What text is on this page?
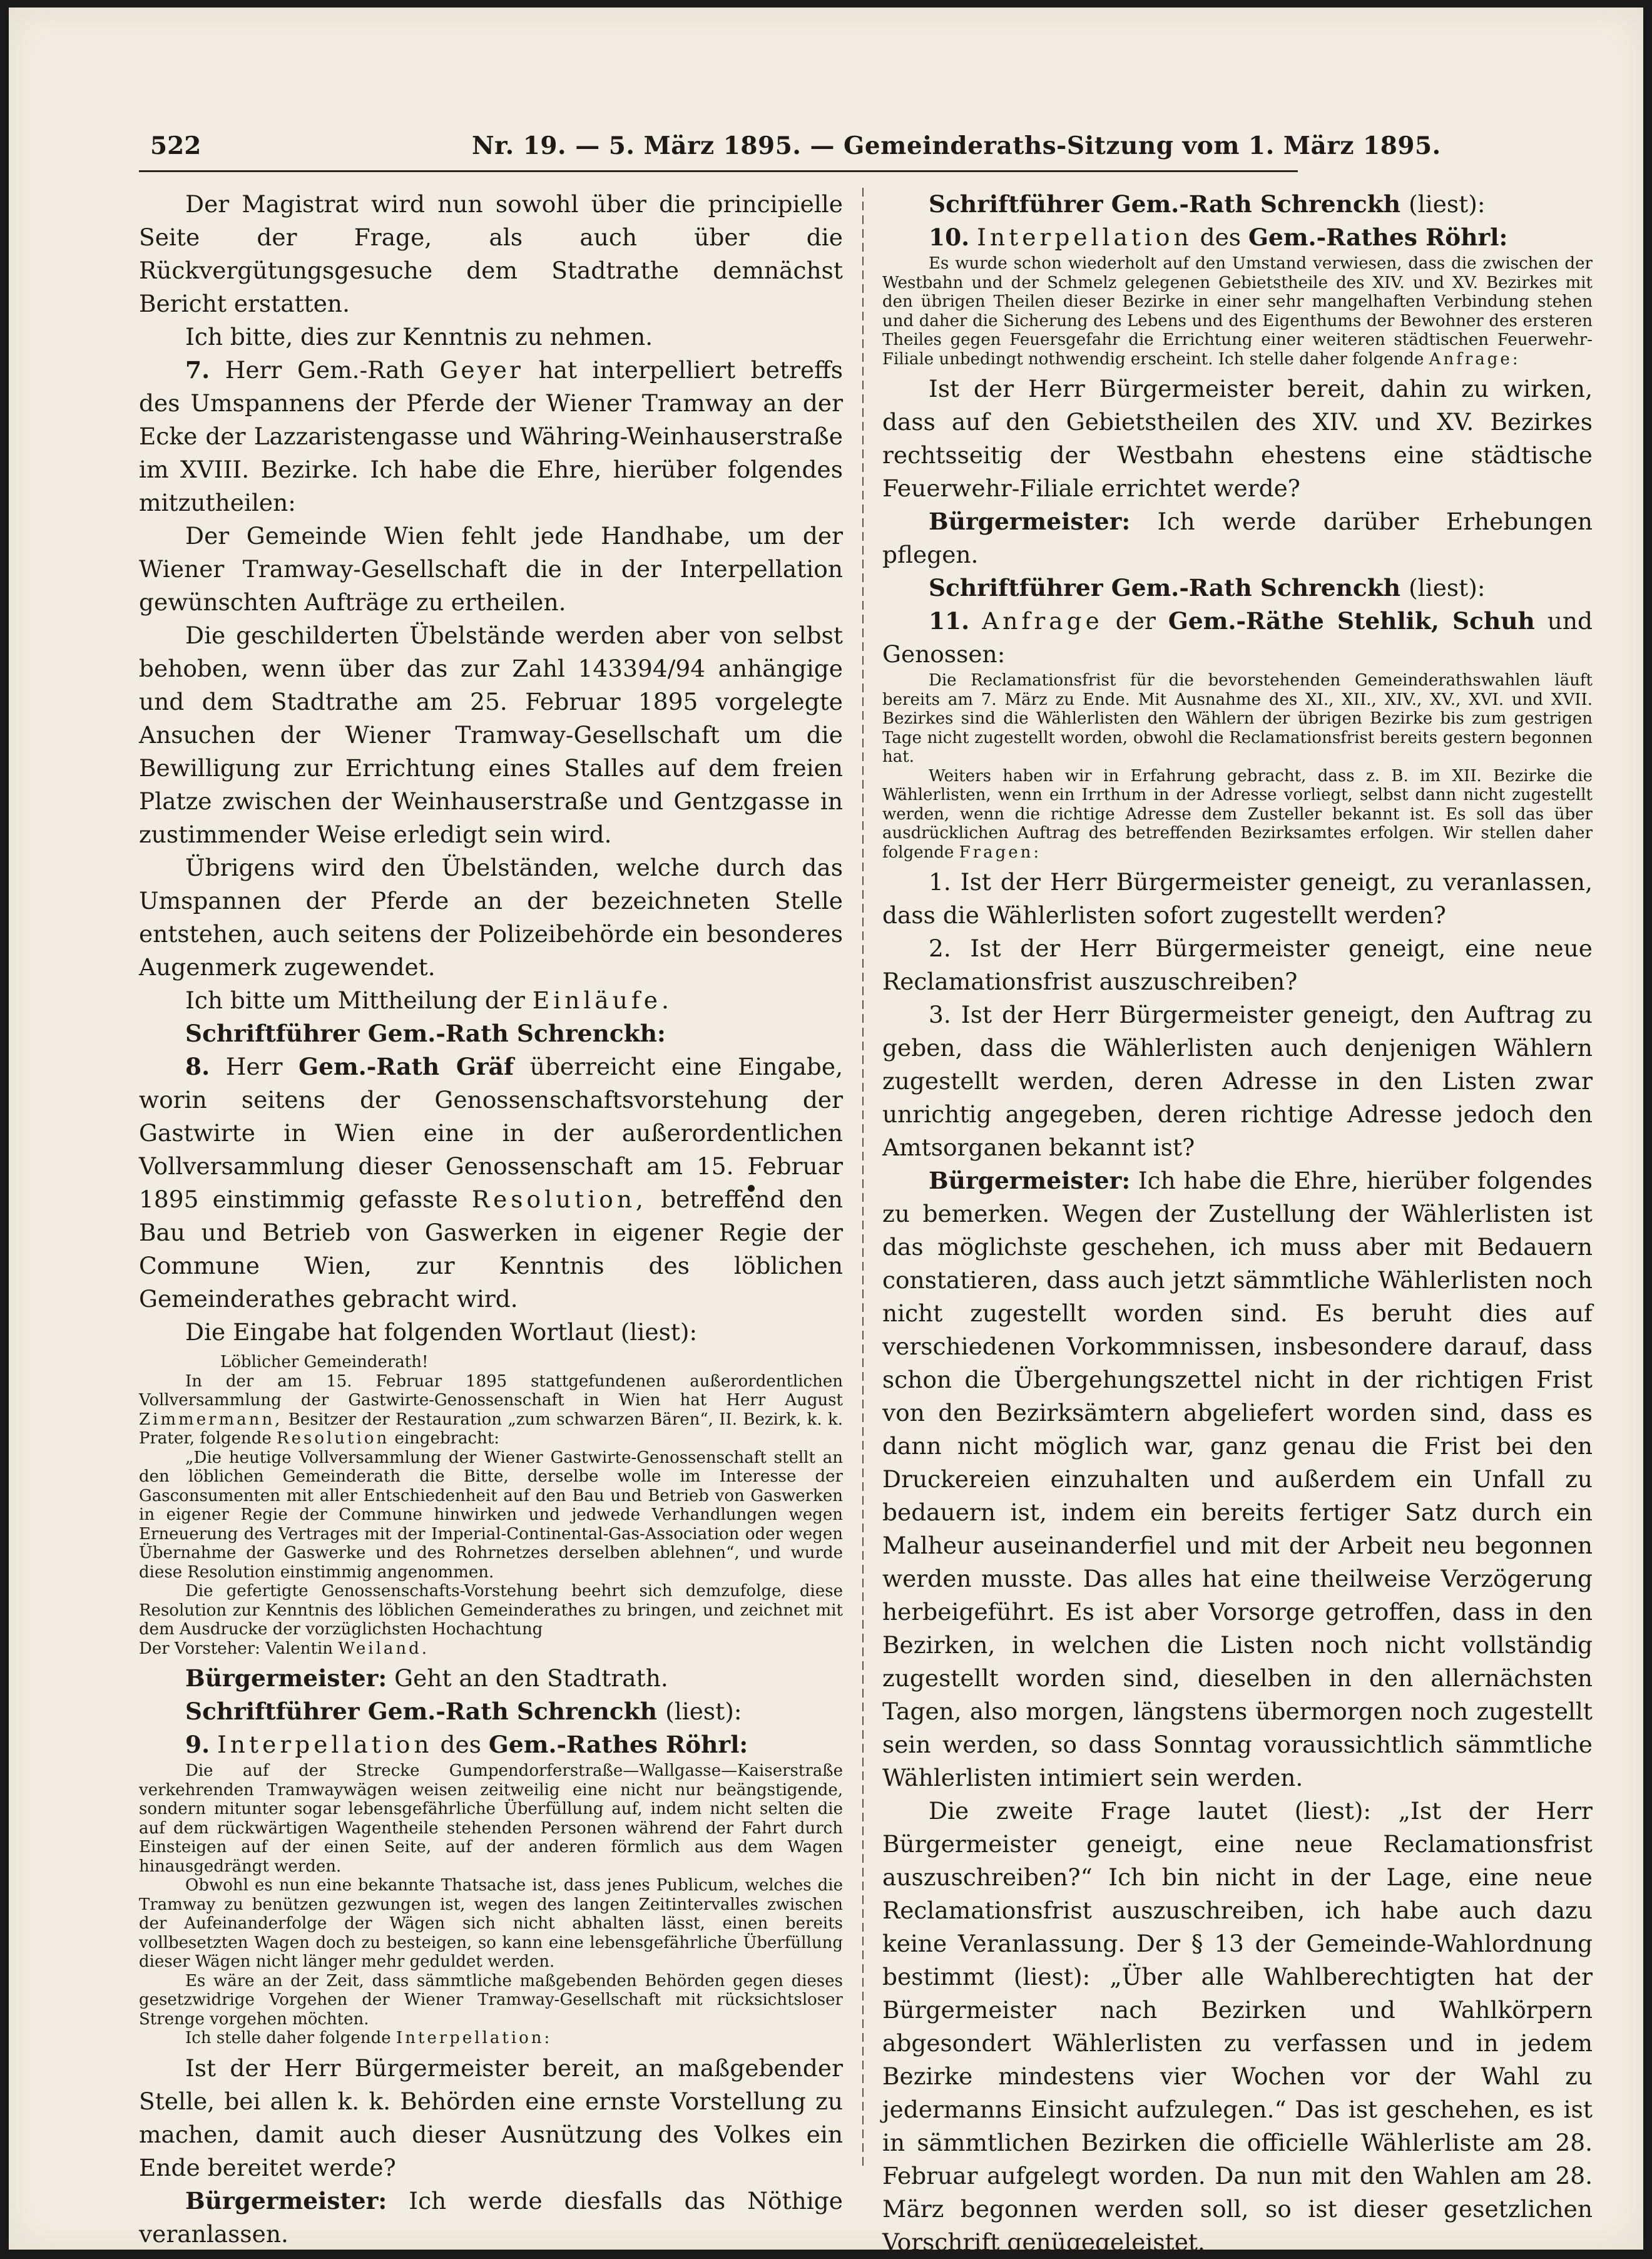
522	Nr. 19. — 5. März 1895. — Gemeinderaths-Sitzung vom 1. März 1895.

Der Magistrat wird nun sowohl über die principielle Seite der Frage, als auch über die Rückvergütungsgesuche dem Stadtrathe demnächst Bericht erstatten.

Ich bitte, dies zur Kenntnis zu nehmen.

7. Herr Gem.-Rath Geyer hat interpelliert betreffs des Umspannens der Pferde der Wiener Tramway an der Ecke der Lazzaristengasse und Währing-Weinhauserstraße im XVIII. Bezirke. Ich habe die Ehre, hierüber folgendes mitzutheilen:

Der Gemeinde Wien fehlt jede Handhabe, um der Wiener Tramway-Gesellschaft die in der Interpellation gewünschten Aufträge zu ertheilen.

Die geschilderten Übelstände werden aber von selbst behoben, wenn über das zur Zahl 143394/94 anhängige und dem Stadtrathe am 25. Februar 1895 vorgelegte Ansuchen der Wiener Tramway-Gesellschaft um die Bewilligung zur Errichtung eines Stalles auf dem freien Platze zwischen der Weinhauserstraße und Gentzgasse in zustimmender Weise erledigt sein wird.

Übrigens wird den Übelständen, welche durch das Umspannen der Pferde an der bezeichneten Stelle entstehen, auch seitens der Polizeibehörde ein besonderes Augenmerk zugewendet.

Ich bitte um Mittheilung der Einläufe.

Schriftführer Gem.-Rath Schrenckh:

8. Herr Gem.-Rath Gräf überreicht eine Eingabe, worin seitens der Genossenschaftsvorstehung der Gastwirte in Wien eine in der außerordentlichen Vollversammlung dieser Genossenschaft am 15. Februar 1895 einstimmig gefasste Resolution, betreffend den Bau und Betrieb von Gaswerken in eigener Regie der Commune Wien, zur Kenntnis des löblichen Gemeinderathes gebracht wird.

Die Eingabe hat folgenden Wortlaut (liest):

Löblicher Gemeinderath!

In der am 15. Februar 1895 stattgefundenen außerordentlichen Vollversammlung der Gastwirte-Genossenschaft in Wien hat Herr August Zimmermann, Besitzer der Restauration „zum schwarzen Bären“, II. Bezirk, k. k. Prater, folgende Resolution eingebracht:

„Die heutige Vollversammlung der Wiener Gastwirte-Genossenschaft stellt an den löblichen Gemeinderath die Bitte, derselbe wolle im Interesse der Gasconsumenten mit aller Entschiedenheit auf den Bau und Betrieb von Gaswerken in eigener Regie der Commune hinwirken und jedwede Verhandlungen wegen Erneuerung des Vertrages mit der Imperial-Continental-Gas-Association oder wegen Übernahme der Gaswerke und des Rohrnetzes derselben ablehnen“, und wurde diese Resolution einstimmig angenommen.

Die gefertigte Genossenschafts-Vorstehung beehrt sich demzufolge, diese Resolution zur Kenntnis des löblichen Gemeinderathes zu bringen, und zeichnet mit dem Ausdrucke der vorzüglichsten Hochachtung

Der Vorsteher: Valentin Weiland.

Bürgermeister: Geht an den Stadtrath.

Schriftführer Gem.-Rath Schrenckh (liest):

9. Interpellation des Gem.-Rathes Röhrl:

Die auf der Strecke Gumpendorferstraße—Wallgasse—Kaiserstraße verkehrenden Tramwaywägen weisen zeitweilig eine nicht nur beängstigende, sondern mitunter sogar lebensgefährliche Überfüllung auf, indem nicht selten die auf dem rückwärtigen Wagentheile stehenden Personen während der Fahrt durch Einsteigen auf der einen Seite, auf der anderen förmlich aus dem Wagen hinausgedrängt werden.

Obwohl es nun eine bekannte Thatsache ist, dass jenes Publicum, welches die Tramway zu benützen gezwungen ist, wegen des langen Zeitintervalles zwischen der Aufeinanderfolge der Wägen sich nicht abhalten lässt, einen bereits vollbesetzten Wagen doch zu besteigen, so kann eine lebensgefährliche Überfüllung dieser Wägen nicht länger mehr geduldet werden.

Es wäre an der Zeit, dass sämmtliche maßgebenden Behörden gegen dieses gesetzwidrige Vorgehen der Wiener Tramway-Gesellschaft mit rücksichtsloser Strenge vorgehen möchten.

Ich stelle daher folgende Interpellation:

Ist der Herr Bürgermeister bereit, an maßgebender Stelle, bei allen k. k. Behörden eine ernste Vorstellung zu machen, damit auch dieser Ausnützung des Volkes ein Ende bereitet werde?

Bürgermeister: Ich werde diesfalls das Nöthige veranlassen.

Schriftführer Gem.-Rath Schrenckh (liest):

10. Interpellation des Gem.-Rathes Röhrl:

Es wurde schon wiederholt auf den Umstand verwiesen, dass die zwischen der Westbahn und der Schmelz gelegenen Gebietstheile des XIV. und XV. Bezirkes mit den übrigen Theilen dieser Bezirke in einer sehr mangelhaften Verbindung stehen und daher die Sicherung des Lebens und des Eigenthums der Bewohner des ersteren Theiles gegen Feuersgefahr die Errichtung einer weiteren städtischen Feuerwehr-Filiale unbedingt nothwendig erscheint. Ich stelle daher folgende Anfrage:

Ist der Herr Bürgermeister bereit, dahin zu wirken, dass auf den Gebietstheilen des XIV. und XV. Bezirkes rechtsseitig der Westbahn ehestens eine städtische Feuerwehr-Filiale errichtet werde?

Bürgermeister: Ich werde darüber Erhebungen pflegen.

Schriftführer Gem.-Rath Schrenckh (liest):

11. Anfrage der Gem.-Räthe Stehlik, Schuh und Genossen:

Die Reclamationsfrist für die bevorstehenden Gemeinderathswahlen läuft bereits am 7. März zu Ende. Mit Ausnahme des XI., XII., XIV., XV., XVI. und XVII. Bezirkes sind die Wählerlisten den Wählern der übrigen Bezirke bis zum gestrigen Tage nicht zugestellt worden, obwohl die Reclamationsfrist bereits gestern begonnen hat.

Weiters haben wir in Erfahrung gebracht, dass z. B. im XII. Bezirke die Wählerlisten, wenn ein Irrthum in der Adresse vorliegt, selbst dann nicht zugestellt werden, wenn die richtige Adresse dem Zusteller bekannt ist. Es soll das über ausdrücklichen Auftrag des betreffenden Bezirksamtes erfolgen. Wir stellen daher folgende Fragen:

1. Ist der Herr Bürgermeister geneigt, zu veranlassen, dass die Wählerlisten sofort zugestellt werden?

2. Ist der Herr Bürgermeister geneigt, eine neue Reclamationsfrist auszuschreiben?

3. Ist der Herr Bürgermeister geneigt, den Auftrag zu geben, dass die Wählerlisten auch denjenigen Wählern zugestellt werden, deren Adresse in den Listen zwar unrichtig angegeben, deren richtige Adresse jedoch den Amtsorganen bekannt ist?

Bürgermeister: Ich habe die Ehre, hierüber folgendes zu bemerken. Wegen der Zustellung der Wählerlisten ist das möglichste geschehen, ich muss aber mit Bedauern constatieren, dass auch jetzt sämmtliche Wählerlisten noch nicht zugestellt worden sind. Es beruht dies auf verschiedenen Vorkommnissen, insbesondere darauf, dass schon die Übergehungszettel nicht in der richtigen Frist von den Bezirksämtern abgeliefert worden sind, dass es dann nicht möglich war, ganz genau die Frist bei den Druckereien einzuhalten und außerdem ein Unfall zu bedauern ist, indem ein bereits fertiger Satz durch ein Malheur auseinanderfiel und mit der Arbeit neu begonnen werden musste. Das alles hat eine theilweise Verzögerung herbeigeführt. Es ist aber Vorsorge getroffen, dass in den Bezirken, in welchen die Listen noch nicht vollständig zugestellt worden sind, dieselben in den allernächsten Tagen, also morgen, längstens übermorgen noch zugestellt sein werden, so dass Sonntag voraussichtlich sämmtliche Wählerlisten intimiert sein werden.

Die zweite Frage lautet (liest): „Ist der Herr Bürgermeister geneigt, eine neue Reclamationsfrist auszuschreiben?“ Ich bin nicht in der Lage, eine neue Reclamationsfrist auszuschreiben, ich habe auch dazu keine Veranlassung. Der § 13 der Gemeinde-Wahlordnung bestimmt (liest): „Über alle Wahlberechtigten hat der Bürgermeister nach Bezirken und Wahlkörpern abgesondert Wählerlisten zu verfassen und in jedem Bezirke mindestens vier Wochen vor der Wahl zu jedermanns Einsicht aufzulegen.“ Das ist geschehen, es ist in sämmtlichen Bezirken die officielle Wählerliste am 28. Februar aufgelegt worden. Da nun mit den Wahlen am 28. März begonnen werden soll, so ist dieser gesetzlichen Vorschrift genügegeleistet.
